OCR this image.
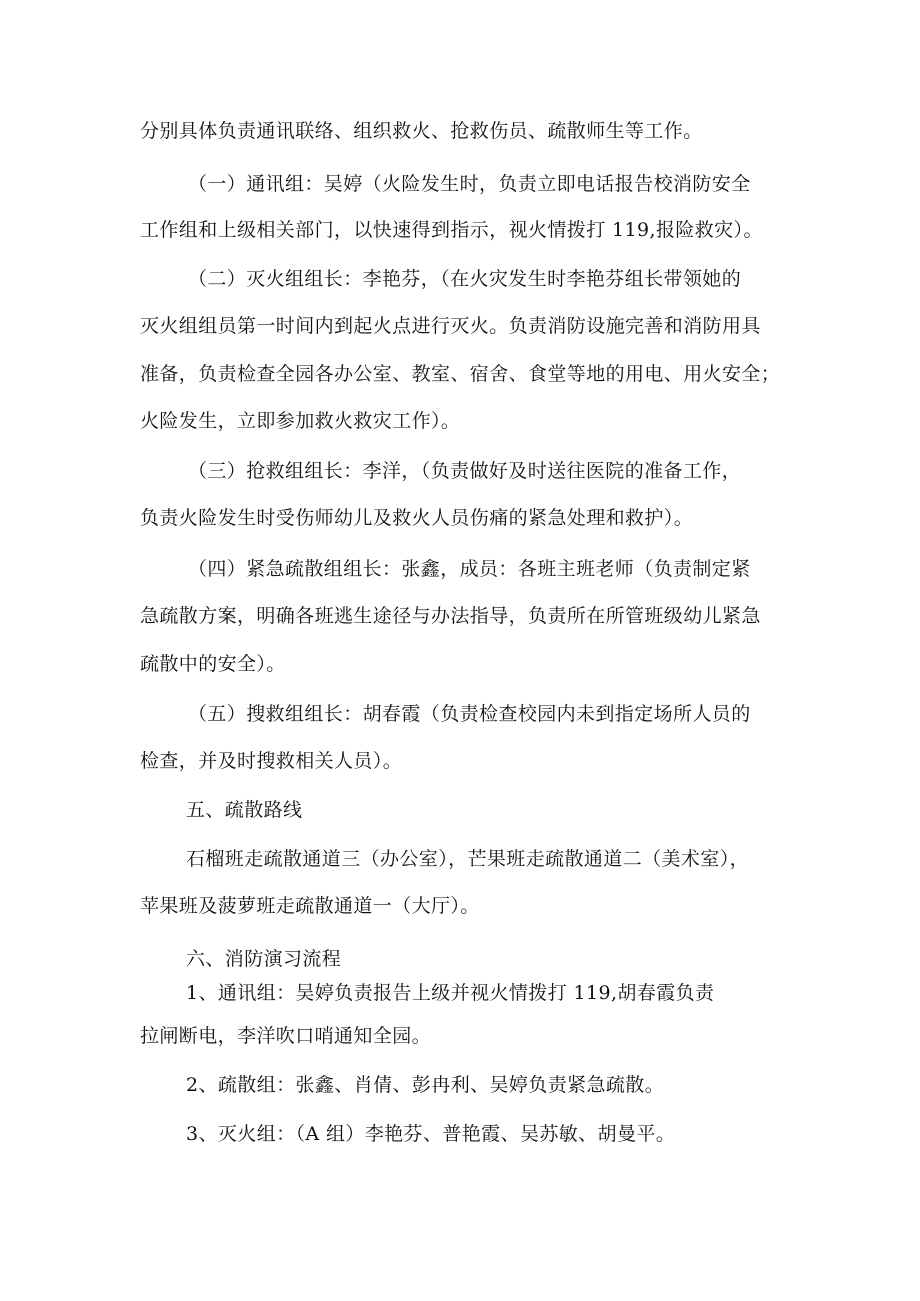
分别具体负责通讯联络、组织救火、抢救伤员、疏散师生等工作。
（一）通讯组：吴婷（火险发生时，负责立即电话报告校消防安全
工作组和上级相关部门，以快速得到指示，视火情拨打 119,报险救灾）。
（二）灭火组组长：李艳芬，（在火灾发生时李艳芬组长带领她的
灭火组组员第一时间内到起火点进行灭火。负责消防设施完善和消防用具
准备，负责检查全园各办公室、教室、宿舍、食堂等地的用电、用火安全；
火险发生，立即参加救火救灾工作）。
（三）抢救组组长：李洋，（负责做好及时送往医院的准备工作，
负责火险发生时受伤师幼儿及救火人员伤痛的紧急处理和救护）。
（四）紧急疏散组组长：张鑫，成员：各班主班老师（负责制定紧
急疏散方案，明确各班逃生途径与办法指导，负责所在所管班级幼儿紧急
疏散中的安全）。
（五）搜救组组长：胡春霞（负责检查校园内未到指定场所人员的
检查，并及时搜救相关人员）。
五、疏散路线
石榴班走疏散通道三（办公室），芒果班走疏散通道二（美术室），
苹果班及菠萝班走疏散通道一（大厅）。
六、消防演习流程
1、通讯组：吴婷负责报告上级并视火情拨打 119,胡春霞负责
拉闸断电，李洋吹口哨通知全园。
2、疏散组：张鑫、肖倩、彭冉利、吴婷负责紧急疏散。
3、灭火组：（A 组）李艳芬、普艳霞、吴苏敏、胡曼平。
